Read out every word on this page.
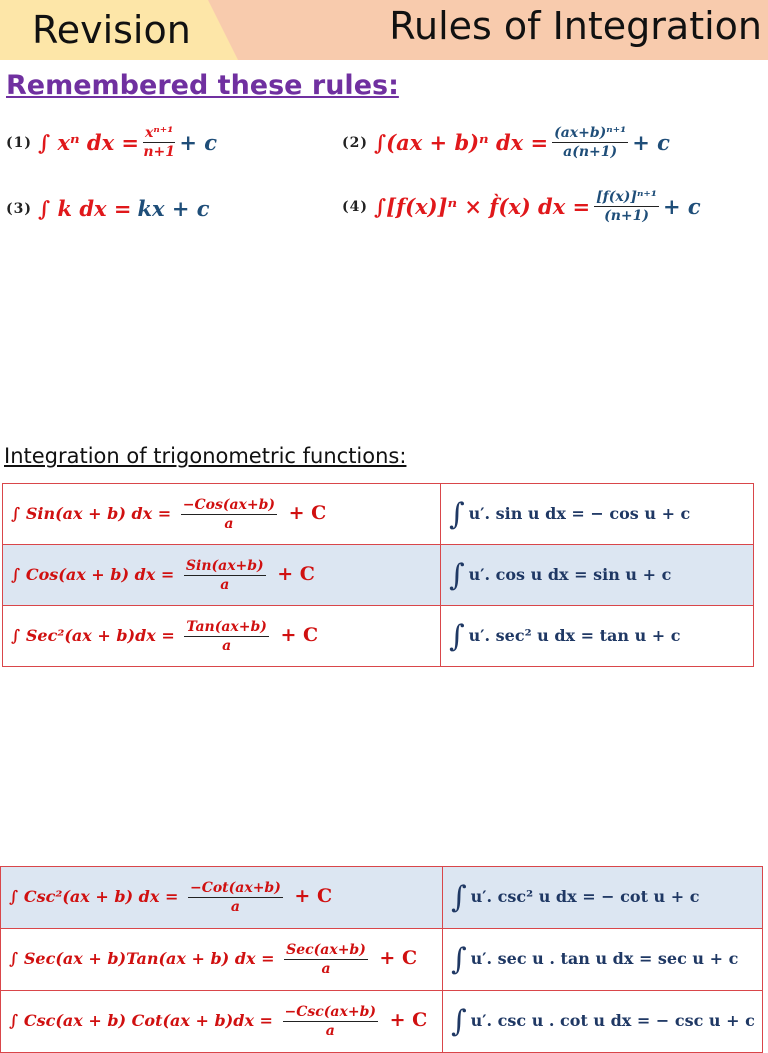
Revision	Rules of Integration
Remembered these rules:
(1) ∫ xⁿ dx = $\frac{\text{xⁿ⁺¹}}{n+1} + c$	(2) ∫(ax + b)ⁿ dx = $\frac{\text{(ax+b)ⁿ⁺¹}}{a(n+1)} + c$
(3) ∫ k dx = kx + c	(4) ∫[f(x)]ⁿ × f̀(x) dx = $\frac{\text{[f(x)]ⁿ⁺¹}}{(n+1)} + c$
Integration of trigonometric functions:
∫ Sin(ax + b) dx = $\frac{\text{−Cos(ax+b)}}{a} + C$	∫ u′. sin u dx = − cos u + c
∫ Cos(ax + b) dx = $\frac{\text{Sin(ax+b)}}{a} + C$	∫ u′. cos u dx = sin u + c
∫ $Sec^2(ax + b)dx = \frac{\text{Tan(ax+b)}}{a} + C$	∫ u′. sec² u dx = tan u + c
∫ Csc²(ax + b) dx = $\frac{\text{−Cot(ax+b)}}{a} + C$	∫ u′. csc² u dx = − cot u + c
∫ Sec(ax + b)Tan(ax + b) dx = $\frac{\text{Sec(ax+b)}}{a} + C$	∫ u′. sec u . tan u dx = sec u + c
∫ Csc(ax + b) $Cot(ax + b)dx = \frac{\text{−Csc(ax+b)}}{a} + C$	∫ u′. csc u . cot u dx = − csc u + c
